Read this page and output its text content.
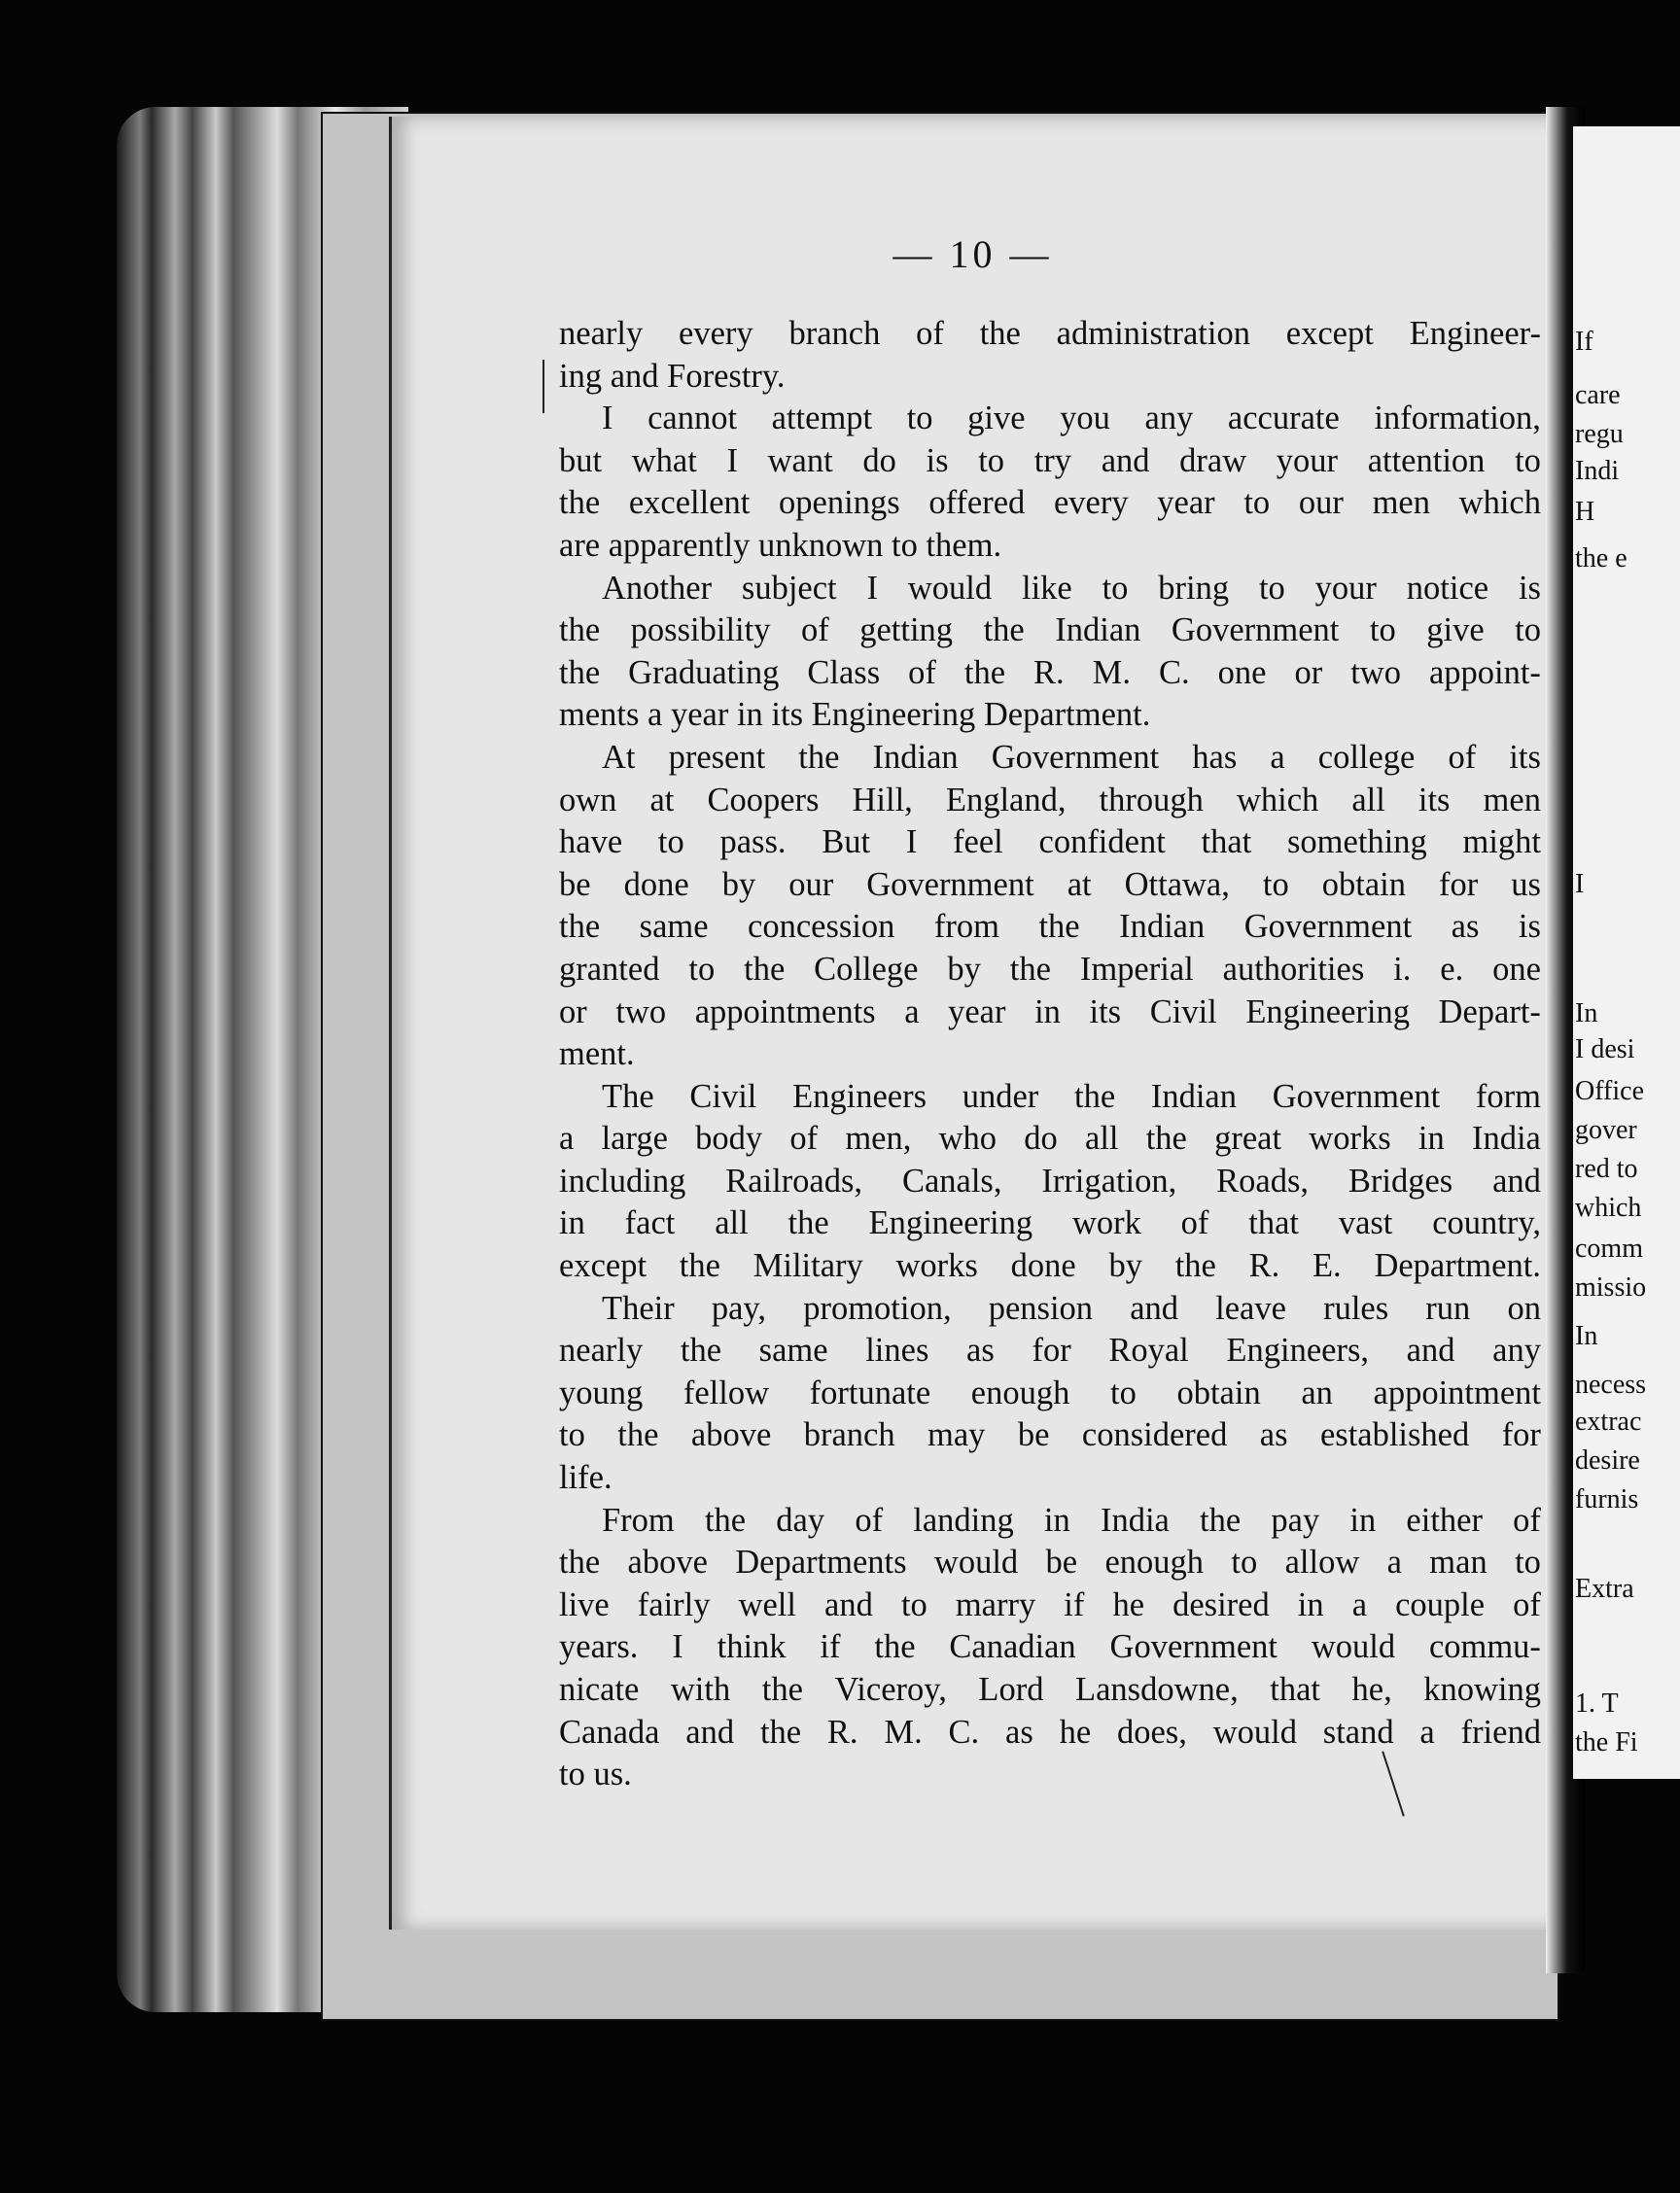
— 10 —
nearly every branch of the administration except Engineer-
ing and Forestry.
I cannot attempt to give you any accurate information,
but what I want do is to try and draw your attention to
the excellent openings offered every year to our men which
are apparently unknown to them.
Another subject I would like to bring to your notice is
the possibility of getting the Indian Government to give to
the Graduating Class of the R. M. C. one or two appoint-
ments a year in its Engineering Department.
At present the Indian Government has a college of its
own at Coopers Hill, England, through which all its men
have to pass. But I feel confident that something might
be done by our Government at Ottawa, to obtain for us
the same concession from the Indian Government as is
granted to the College by the Imperial authorities i. e. one
or two appointments a year in its Civil Engineering Depart-
ment.
The Civil Engineers under the Indian Government form
a large body of men, who do all the great works in India
including Railroads, Canals, Irrigation, Roads, Bridges and
in fact all the Engineering work of that vast country,
except the Military works done by the R. E. Department.
Their pay, promotion, pension and leave rules run on
nearly the same lines as for Royal Engineers, and any
young fellow fortunate enough to obtain an appointment
to the above branch may be considered as established for
life.
From the day of landing in India the pay in either of
the above Departments would be enough to allow a man to
live fairly well and to marry if he desired in a couple of
years. I think if the Canadian Government would commu-
nicate with the Viceroy, Lord Lansdowne, that he, knowing
Canada and the R. M. C. as he does, would stand a friend
to us.
If
care
regu
Indi
H
the e
I
In
I desi
Office
gover
red to
which
comm
missio
In
necess
extrac
desire
furnis
Extra
1. T
the Fi
